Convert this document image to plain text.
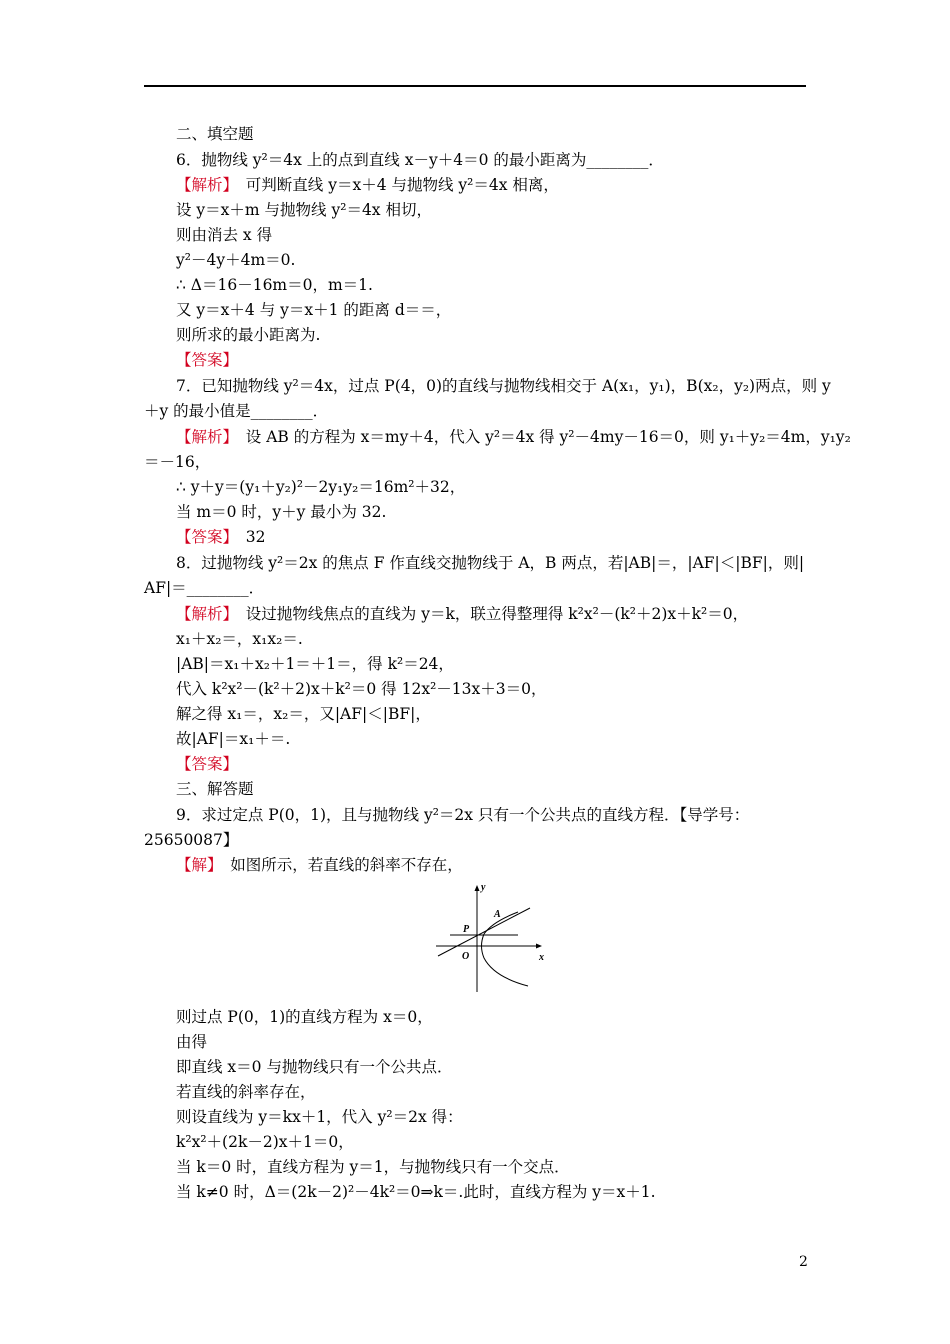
二、填空题
6．抛物线 y²＝4x 上的点到直线 x－y＋4＝0 的最小距离为________．
【解析】　可判断直线 y＝x＋4 与抛物线 y²＝4x 相离，
设 y＝x＋m 与抛物线 y²＝4x 相切，
则由消去 x 得
y²－4y＋4m＝0.
∴ Δ＝16－16m＝0，m＝1.
又 y＝x＋4 与 y＝x＋1 的距离 d＝＝，
则所求的最小距离为.
【答案】
7．已知抛物线 y²＝4x，过点 P(4，0)的直线与抛物线相交于 A(x₁，y₁)，B(x₂，y₂)两点，则 y
＋y 的最小值是________．
【解析】　设 AB 的方程为 x＝my＋4，代入 y²＝4x 得 y²－4my－16＝0，则 y₁＋y₂＝4m，y₁y₂
＝－16，
∴ y＋y＝(y₁＋y₂)²－2y₁y₂＝16m²＋32，
当 m＝0 时，y＋y 最小为 32.
【答案】　32
8．过抛物线 y²＝2x 的焦点 F 作直线交抛物线于 A，B 两点，若|AB|＝，|AF|＜|BF|，则|
AF|＝________．
【解析】　设过抛物线焦点的直线为 y＝k，联立得整理得 k²x²－(k²＋2)x＋k²＝0，
x₁＋x₂＝，x₁x₂＝.
|AB|＝x₁＋x₂＋1＝＋1＝，得 k²＝24，
代入 k²x²－(k²＋2)x＋k²＝0 得 12x²－13x＋3＝0，
解之得 x₁＝，x₂＝，又|AF|＜|BF|，
故|AF|＝x₁＋＝.
【答案】
三、解答题
9．求过定点 P(0，1)，且与抛物线 y²＝2x 只有一个公共点的直线方程．【导学号：
25650087】
【解】　如图所示，若直线的斜率不存在，
则过点 P(0，1)的直线方程为 x＝0，
由得
即直线 x＝0 与抛物线只有一个公共点．
若直线的斜率存在，
则设直线为 y＝kx＋1，代入 y²＝2x 得：
k²x²＋(2k－2)x＋1＝0，
当 k＝0 时，直线方程为 y＝1，与抛物线只有一个交点．
当 k≠0 时，Δ＝(2k－2)²－4k²＝0⇒k＝.此时，直线方程为 y＝x＋1.
y
x
A
P
O
2
